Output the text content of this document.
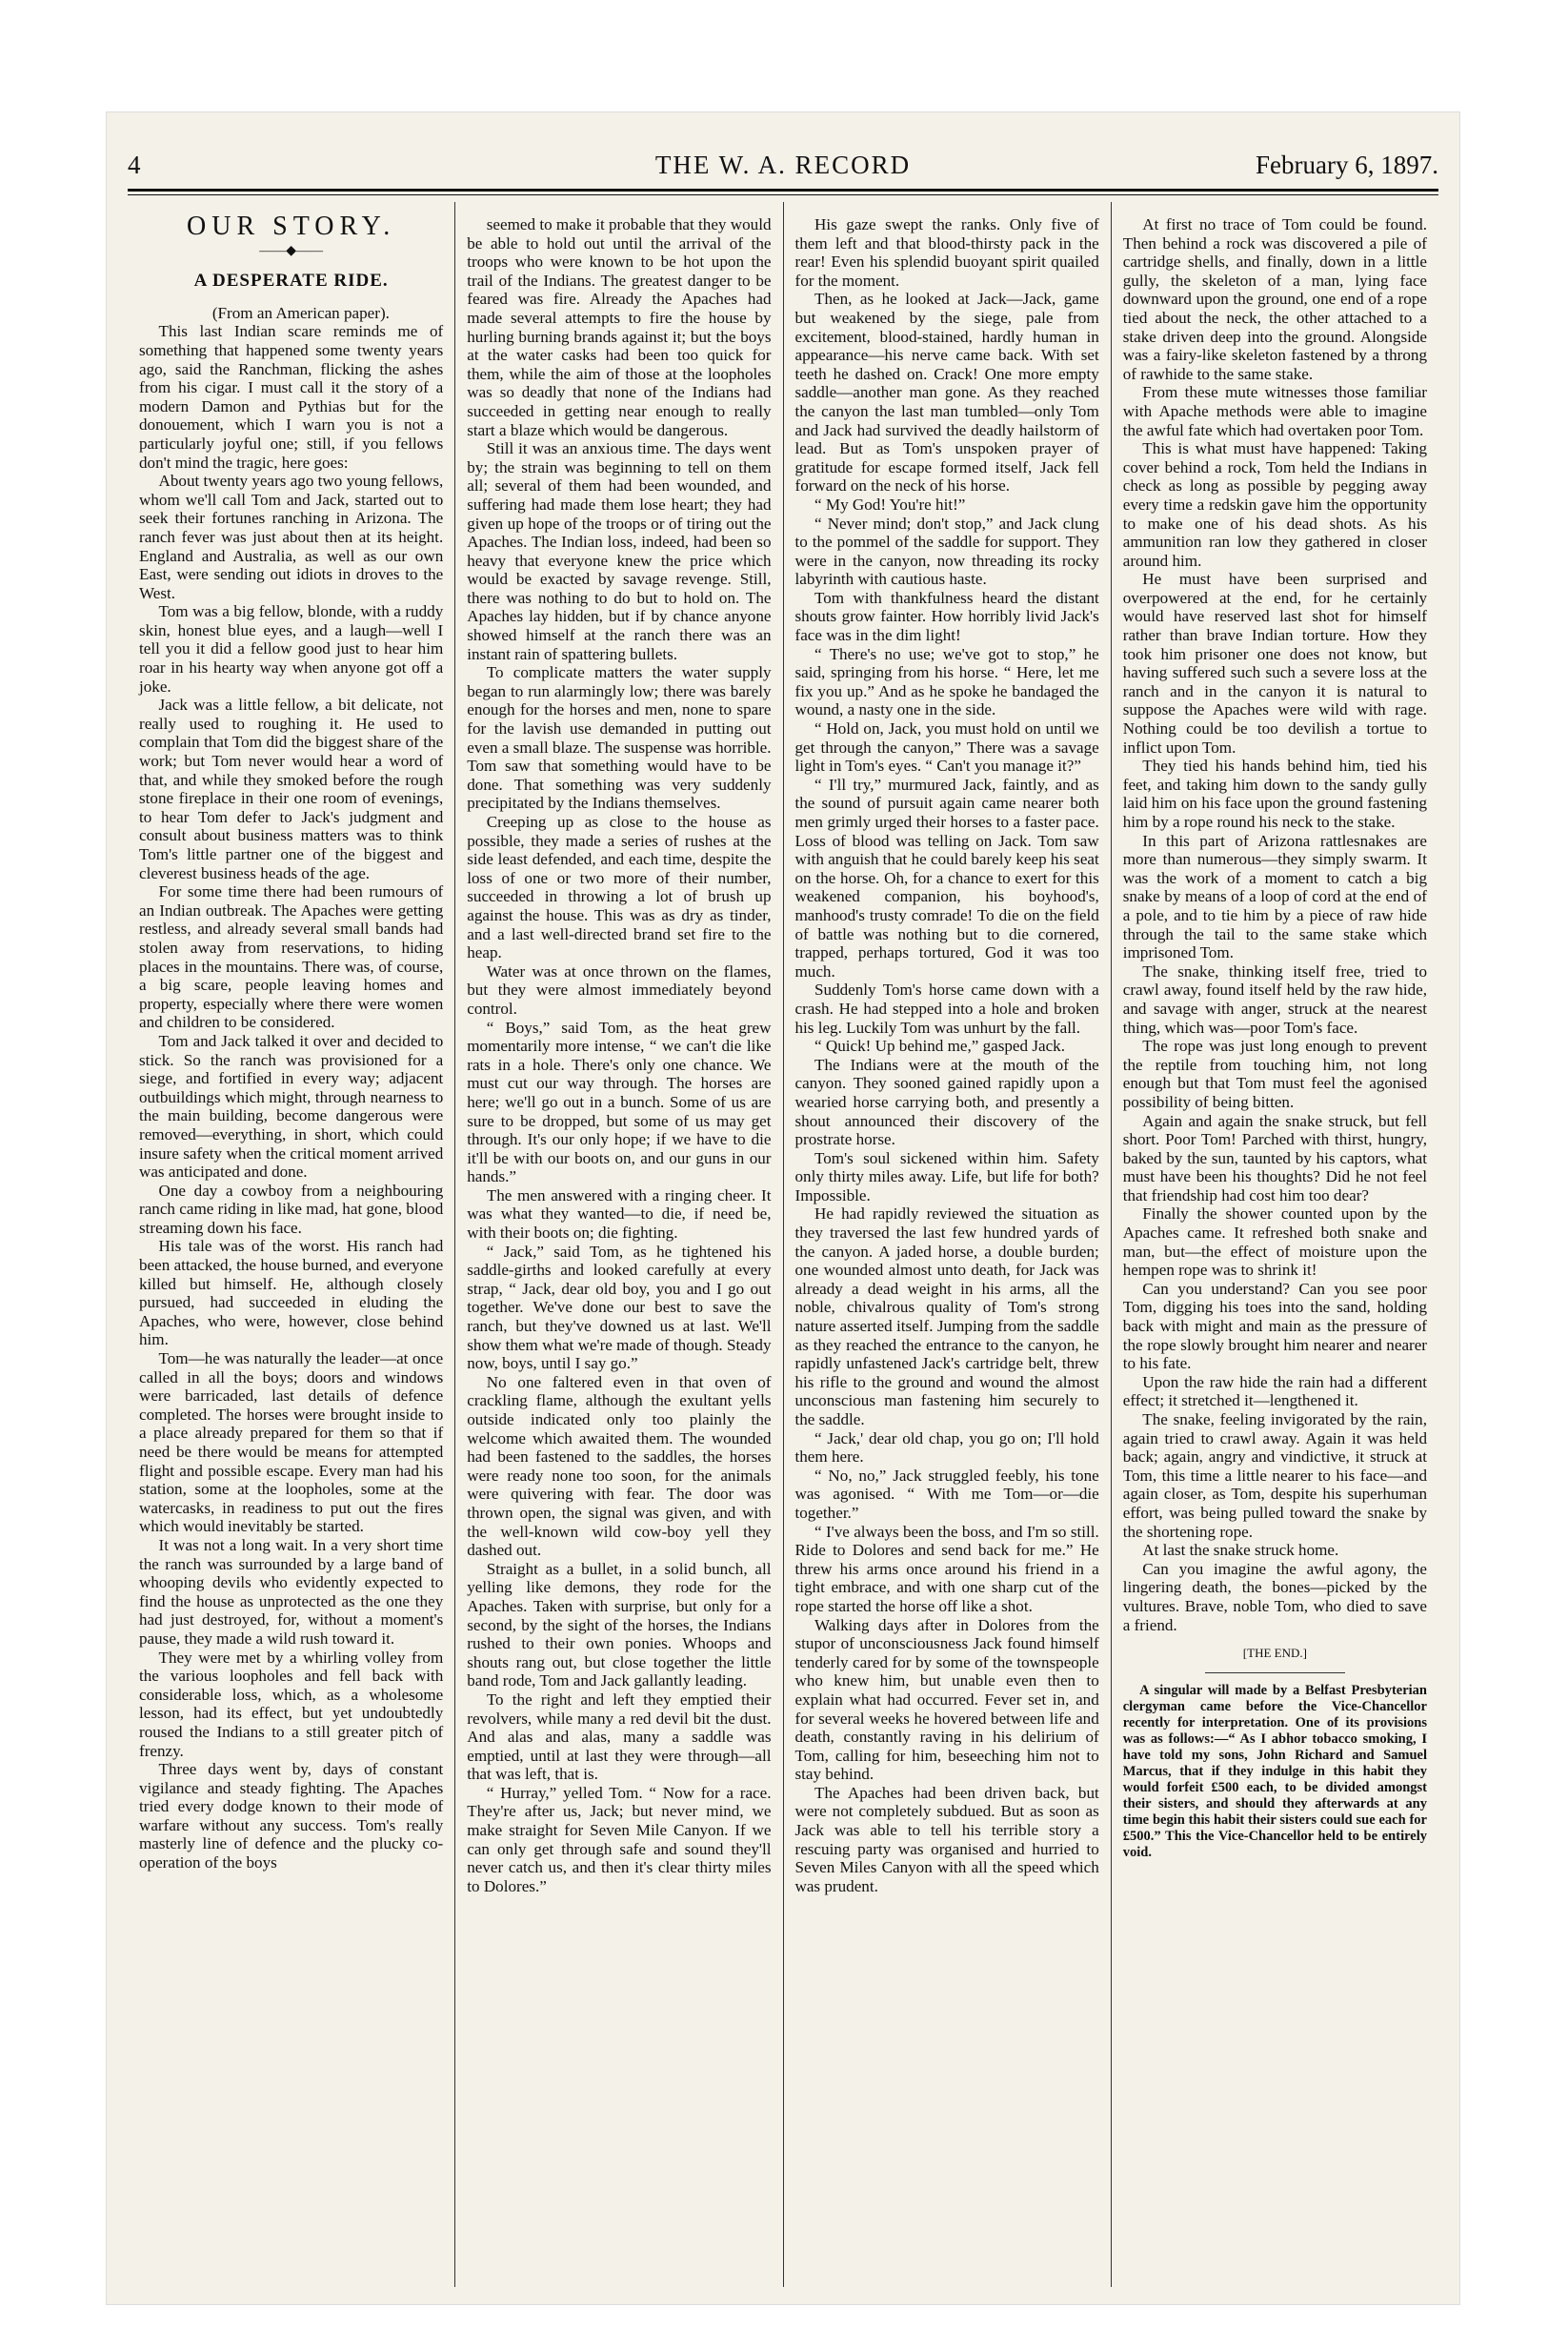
4	THE W. A. RECORD	February 6, 1897.
OUR STORY.
——◆——
A DESPERATE RIDE.

(From an American paper).

This last Indian scare reminds me of something that happened some twenty years ago, said the Ranchman, flicking the ashes from his cigar. I must call it the story of a modern Damon and Pythias but for the donouement, which I warn you is not a particularly joyful one; still, if you fellows don't mind the tragic, here goes:

About twenty years ago two young fellows, whom we'll call Tom and Jack, started out to seek their fortunes ranching in Arizona. The ranch fever was just about then at its height. England and Australia, as well as our own East, were sending out idiots in droves to the West.

Tom was a big fellow, blonde, with a ruddy skin, honest blue eyes, and a laugh—well I tell you it did a fellow good just to hear him roar in his hearty way when anyone got off a joke.

Jack was a little fellow, a bit delicate, not really used to roughing it. He used to complain that Tom did the biggest share of the work; but Tom never would hear a word of that, and while they smoked before the rough stone fireplace in their one room of evenings, to hear Tom defer to Jack's judgment and consult about business matters was to think Tom's little partner one of the biggest and cleverest business heads of the age.

For some time there had been rumours of an Indian outbreak. The Apaches were getting restless, and already several small bands had stolen away from reservations, to hiding places in the mountains. There was, of course, a big scare, people leaving homes and property, especially where there were women and children to be considered.

Tom and Jack talked it over and decided to stick. So the ranch was provisioned for a siege, and fortified in every way; adjacent outbuildings which might, through nearness to the main building, become dangerous were removed—everything, in short, which could insure safety when the critical moment arrived was anticipated and done.

One day a cowboy from a neighbouring ranch came riding in like mad, hat gone, blood streaming down his face.

His tale was of the worst. His ranch had been attacked, the house burned, and everyone killed but himself. He, although closely pursued, had succeeded in eluding the Apaches, who were, however, close behind him.

Tom—he was naturally the leader—at once called in all the boys; doors and windows were barricaded, last details of defence completed. The horses were brought inside to a place already prepared for them so that if need be there would be means for attempted flight and possible escape. Every man had his station, some at the loopholes, some at the watercasks, in readiness to put out the fires which would inevitably be started.

It was not a long wait. In a very short time the ranch was surrounded by a large band of whooping devils who evidently expected to find the house as unprotected as the one they had just destroyed, for, without a moment's pause, they made a wild rush toward it.

They were met by a whirling volley from the various loopholes and fell back with considerable loss, which, as a wholesome lesson, had its effect, but yet undoubtedly roused the Indians to a still greater pitch of frenzy.

Three days went by, days of constant vigilance and steady fighting. The Apaches tried every dodge known to their mode of warfare without any success. Tom's really masterly line of defence and the plucky co-operation of the boys

seemed to make it probable that they would be able to hold out until the arrival of the troops who were known to be hot upon the trail of the Indians. The greatest danger to be feared was fire. Already the Apaches had made several attempts to fire the house by hurling burning brands against it; but the boys at the water casks had been too quick for them, while the aim of those at the loopholes was so deadly that none of the Indians had succeeded in getting near enough to really start a blaze which would be dangerous.

Still it was an anxious time. The days went by; the strain was beginning to tell on them all; several of them had been wounded, and suffering had made them lose heart; they had given up hope of the troops or of tiring out the Apaches. The Indian loss, indeed, had been so heavy that everyone knew the price which would be exacted by savage revenge. Still, there was nothing to do but to hold on. The Apaches lay hidden, but if by chance anyone showed himself at the ranch there was an instant rain of spattering bullets.

To complicate matters the water supply began to run alarmingly low; there was barely enough for the horses and men, none to spare for the lavish use demanded in putting out even a small blaze. The suspense was horrible. Tom saw that something would have to be done. That something was very suddenly precipitated by the Indians themselves.

Creeping up as close to the house as possible, they made a series of rushes at the side least defended, and each time, despite the loss of one or two more of their number, succeeded in throwing a lot of brush up against the house. This was as dry as tinder, and a last well-directed brand set fire to the heap.

Water was at once thrown on the flames, but they were almost immediately beyond control.

“ Boys,” said Tom, as the heat grew momentarily more intense, “ we can't die like rats in a hole. There's only one chance. We must cut our way through. The horses are here; we'll go out in a bunch. Some of us are sure to be dropped, but some of us may get through. It's our only hope; if we have to die it'll be with our boots on, and our guns in our hands.”

The men answered with a ringing cheer. It was what they wanted—to die, if need be, with their boots on; die fighting.

“ Jack,” said Tom, as he tightened his saddle-girths and looked carefully at every strap, “ Jack, dear old boy, you and I go out together. We've done our best to save the ranch, but they've downed us at last. We'll show them what we're made of though. Steady now, boys, until I say go.”

No one faltered even in that oven of crackling flame, although the exultant yells outside indicated only too plainly the welcome which awaited them. The wounded had been fastened to the saddles, the horses were ready none too soon, for the animals were quivering with fear. The door was thrown open, the signal was given, and with the well-known wild cow-boy yell they dashed out.

Straight as a bullet, in a solid bunch, all yelling like demons, they rode for the Apaches. Taken with surprise, but only for a second, by the sight of the horses, the Indians rushed to their own ponies. Whoops and shouts rang out, but close together the little band rode, Tom and Jack gallantly leading.

To the right and left they emptied their revolvers, while many a red devil bit the dust. And alas and alas, many a saddle was emptied, until at last they were through—all that was left, that is.

“ Hurray,” yelled Tom. “ Now for a race. They're after us, Jack; but never mind, we make straight for Seven Mile Canyon. If we can only get through safe and sound they'll never catch us, and then it's clear thirty miles to Dolores.”

His gaze swept the ranks. Only five of them left and that blood-thirsty pack in the rear! Even his splendid buoyant spirit quailed for the moment.

Then, as he looked at Jack—Jack, game but weakened by the siege, pale from excitement, blood-stained, hardly human in appearance—his nerve came back. With set teeth he dashed on. Crack! One more empty saddle—another man gone. As they reached the canyon the last man tumbled—only Tom and Jack had survived the deadly hailstorm of lead. But as Tom's unspoken prayer of gratitude for escape formed itself, Jack fell forward on the neck of his horse.

“ My God! You're hit!”

“ Never mind; don't stop,” and Jack clung to the pommel of the saddle for support. They were in the canyon, now threading its rocky labyrinth with cautious haste.

Tom with thankfulness heard the distant shouts grow fainter. How horribly livid Jack's face was in the dim light!

“ There's no use; we've got to stop,” he said, springing from his horse. “ Here, let me fix you up.” And as he spoke he bandaged the wound, a nasty one in the side.

“ Hold on, Jack, you must hold on until we get through the canyon,” There was a savage light in Tom's eyes. “ Can't you manage it?”

“ I'll try,” murmured Jack, faintly, and as the sound of pursuit again came nearer both men grimly urged their horses to a faster pace. Loss of blood was telling on Jack. Tom saw with anguish that he could barely keep his seat on the horse. Oh, for a chance to exert for this weakened companion, his boyhood's, manhood's trusty comrade! To die on the field of battle was nothing but to die cornered, trapped, perhaps tortured, God it was too much.

Suddenly Tom's horse came down with a crash. He had stepped into a hole and broken his leg. Luckily Tom was unhurt by the fall.

“ Quick! Up behind me,” gasped Jack.

The Indians were at the mouth of the canyon. They sooned gained rapidly upon a wearied horse carrying both, and presently a shout announced their discovery of the prostrate horse.

Tom's soul sickened within him. Safety only thirty miles away. Life, but life for both? Impossible.

He had rapidly reviewed the situation as they traversed the last few hundred yards of the canyon. A jaded horse, a double burden; one wounded almost unto death, for Jack was already a dead weight in his arms, all the noble, chivalrous quality of Tom's strong nature asserted itself. Jumping from the saddle as they reached the entrance to the canyon, he rapidly unfastened Jack's cartridge belt, threw his rifle to the ground and wound the almost unconscious man fastening him securely to the saddle.

“ Jack,' dear old chap, you go on; I'll hold them here.

“ No, no,” Jack struggled feebly, his tone was agonised. “ With me Tom—or—die together.”

“ I've always been the boss, and I'm so still. Ride to Dolores and send back for me.” He threw his arms once around his friend in a tight embrace, and with one sharp cut of the rope started the horse off like a shot.

Walking days after in Dolores from the stupor of unconsciousness Jack found himself tenderly cared for by some of the townspeople who knew him, but unable even then to explain what had occurred. Fever set in, and for several weeks he hovered between life and death, constantly raving in his delirium of Tom, calling for him, beseeching him not to stay behind.

The Apaches had been driven back, but were not completely subdued. But as soon as Jack was able to tell his terrible story a rescuing party was organised and hurried to Seven Miles Canyon with all the speed which was prudent.

At first no trace of Tom could be found. Then behind a rock was discovered a pile of cartridge shells, and finally, down in a little gully, the skeleton of a man, lying face downward upon the ground, one end of a rope tied about the neck, the other attached to a stake driven deep into the ground. Alongside was a fairy-like skeleton fastened by a throng of rawhide to the same stake.

From these mute witnesses those familiar with Apache methods were able to imagine the awful fate which had overtaken poor Tom.

This is what must have happened: Taking cover behind a rock, Tom held the Indians in check as long as possible by pegging away every time a redskin gave him the opportunity to make one of his dead shots. As his ammunition ran low they gathered in closer around him.

He must have been surprised and overpowered at the end, for he certainly would have reserved last shot for himself rather than brave Indian torture. How they took him prisoner one does not know, but having suffered such such a severe loss at the ranch and in the canyon it is natural to suppose the Apaches were wild with rage. Nothing could be too devilish a tortue to inflict upon Tom.

They tied his hands behind him, tied his feet, and taking him down to the sandy gully laid him on his face upon the ground fastening him by a rope round his neck to the stake.

In this part of Arizona rattlesnakes are more than numerous—they simply swarm. It was the work of a moment to catch a big snake by means of a loop of cord at the end of a pole, and to tie him by a piece of raw hide through the tail to the same stake which imprisoned Tom.

The snake, thinking itself free, tried to crawl away, found itself held by the raw hide, and savage with anger, struck at the nearest thing, which was—poor Tom's face.

The rope was just long enough to prevent the reptile from touching him, not long enough but that Tom must feel the agonised possibility of being bitten.

Again and again the snake struck, but fell short. Poor Tom! Parched with thirst, hungry, baked by the sun, taunted by his captors, what must have been his thoughts? Did he not feel that friendship had cost him too dear?

Finally the shower counted upon by the Apaches came. It refreshed both snake and man, but—the effect of moisture upon the hempen rope was to shrink it!

Can you understand? Can you see poor Tom, digging his toes into the sand, holding back with might and main as the pressure of the rope slowly brought him nearer and nearer to his fate.

Upon the raw hide the rain had a different effect; it stretched it—lengthened it.

The snake, feeling invigorated by the rain, again tried to crawl away. Again it was held back; again, angry and vindictive, it struck at Tom, this time a little nearer to his face—and again closer, as Tom, despite his superhuman effort, was being pulled toward the snake by the shortening rope.

At last the snake struck home.

Can you imagine the awful agony, the lingering death, the bones—picked by the vultures. Brave, noble Tom, who died to save a friend.

[THE END.]

A singular will made by a Belfast Presbyterian clergyman came before the Vice-Chancellor recently for interpretation. One of its provisions was as follows:—“ As I abhor tobacco smoking, I have told my sons, John Richard and Samuel Marcus, that if they indulge in this habit they would forfeit £500 each, to be divided amongst their sisters, and should they afterwards at any time begin this habit their sisters could sue each for £500.” This the Vice-Chancellor held to be entirely void.
